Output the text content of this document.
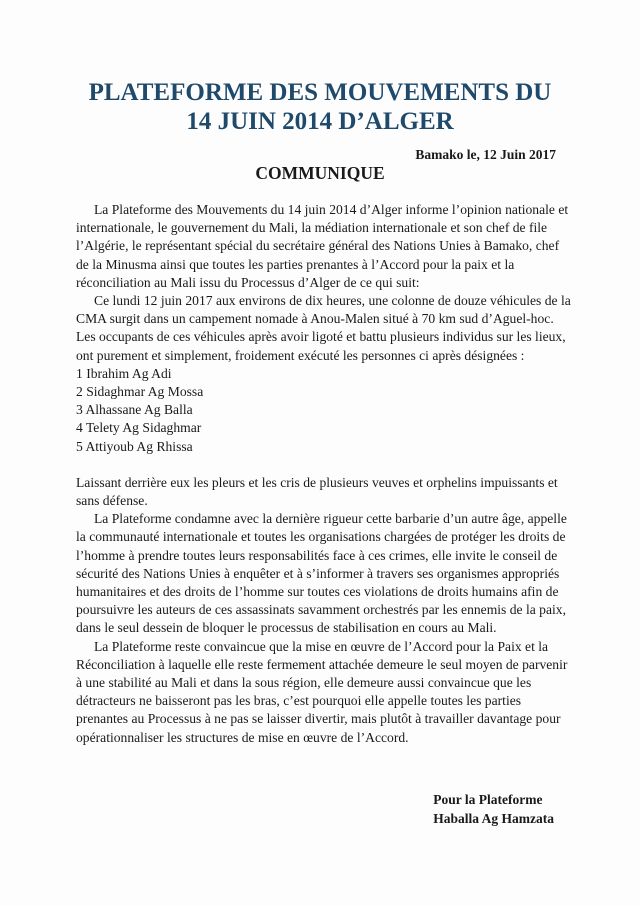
PLATEFORME DES MOUVEMENTS DU
14 JUIN 2014 D’ALGER
Bamako le, 12 Juin 2017
COMMUNIQUE

La Plateforme des Mouvements du 14 juin 2014 d’Alger informe l’opinion nationale et internationale, le gouvernement du Mali, la médiation internationale et son chef de file l’Algérie, le représentant spécial du secrétaire général des Nations Unies à Bamako, chef de la Minusma ainsi que toutes les parties prenantes à l’Accord pour la paix et la réconciliation au Mali issu du Processus d’Alger de ce qui suit:

Ce lundi 12 juin 2017 aux environs de dix heures, une colonne de douze véhicules de la CMA surgit dans un campement nomade à Anou-Malen situé à 70 km sud d’Aguel-hoc. Les occupants de ces véhicules après avoir ligoté et battu plusieurs individus sur les lieux, ont purement et simplement, froidement exécuté les personnes ci après désignées :

1 Ibrahim Ag Adi
2 Sidaghmar Ag Mossa
3 Alhassane Ag Balla
4 Telety Ag Sidaghmar
5 Attiyoub Ag Rhissa

Laissant derrière eux les pleurs et les cris de plusieurs veuves et orphelins impuissants et sans défense.

La Plateforme condamne avec la dernière rigueur cette barbarie d’un autre âge, appelle la communauté internationale et toutes les organisations chargées de protéger les droits de l’homme à prendre toutes leurs responsabilités face à ces crimes, elle invite le conseil de sécurité des Nations Unies à enquêter et à s’informer à travers ses organismes appropriés humanitaires et des droits de l’homme sur toutes ces violations de droits humains afin de poursuivre les auteurs de ces assassinats savamment orchestrés par les ennemis de la paix, dans le seul dessein de bloquer le processus de stabilisation en cours au Mali.

La Plateforme reste convaincue que la mise en œuvre de l’Accord pour la Paix et la Réconciliation à laquelle elle reste fermement attachée demeure le seul moyen de parvenir à une stabilité au Mali et dans la sous région, elle demeure aussi convaincue que les détracteurs ne baisseront pas les bras, c’est pourquoi elle appelle toutes les parties prenantes au Processus à ne pas se laisser divertir, mais plutôt à travailler davantage pour opérationnaliser les structures de mise en œuvre de l’Accord.

Pour la Plateforme
Haballa Ag Hamzata
